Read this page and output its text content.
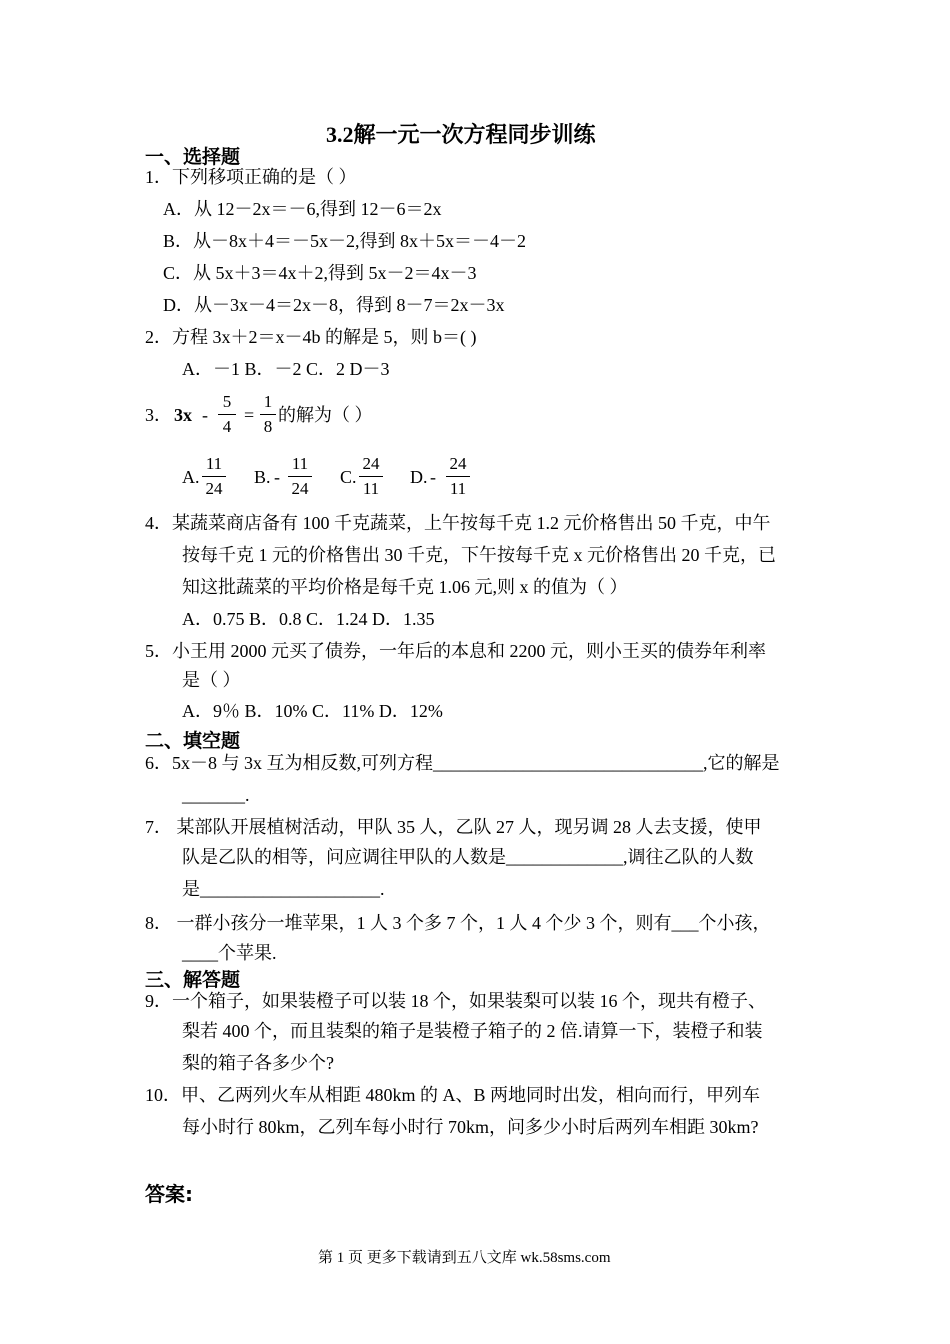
3.2解一元一次方程同步训练
一、选择题
1．下列移项正确的是（ ）
A．从 12－2x＝－6,得到 12－6＝2x
B．从－8x＋4＝－5x－2,得到 8x＋5x＝－4－2
C．从 5x＋3＝4x＋2,得到 5x－2＝4x－3
D．从－3x－4＝2x－8，得到 8－7＝2x－3x
2．方程 3x＋2＝x－4b 的解是 5，则 b＝( )
A．－1 B．－2 C．2 D－3
3． 3x -
5
4
=
1
8
的解为（ ）
A.
11
24
B. -
11
24
C.
24
11
D. -
24
11
4．某蔬菜商店备有 100 千克蔬菜，上午按每千克 1.2 元价格售出 50 千克，中午
按每千克 1 元的价格售出 30 千克，下午按每千克 x 元价格售出 20 千克，已
知这批蔬菜的平均价格是每千克 1.06 元,则 x 的值为（ ）
A．0.75 B．0.8 C．1.24 D．1.35
5．小王用 2000 元买了债券，一年后的本息和 2200 元，则小王买的债券年利率
是（ ）
A．9％ B．10% C．11% D．12%
二、填空题
6．5x－8 与 3x 互为相反数,可列方程______________________________,它的解是
_______.
7． 某部队开展植树活动，甲队 35 人，乙队 27 人，现另调 28 人去支援，使甲
队是乙队的相等，问应调往甲队的人数是_____________,调往乙队的人数
是____________________.
8． 一群小孩分一堆苹果，1 人 3 个多 7 个，1 人 4 个少 3 个，则有___个小孩，
____个苹果.
三、解答题
9．一个箱子，如果装橙子可以装 18 个，如果装梨可以装 16 个，现共有橙子、
梨若 400 个，而且装梨的箱子是装橙子箱子的 2 倍.请算一下，装橙子和装
梨的箱子各多少个?
10．甲、乙两列火车从相距 480km 的 A、B 两地同时出发，相向而行，甲列车
每小时行 80km，乙列车每小时行 70km，问多少小时后两列车相距 30km?
答案:
第 1 页 更多下载请到五八文库 wk.58sms.com
